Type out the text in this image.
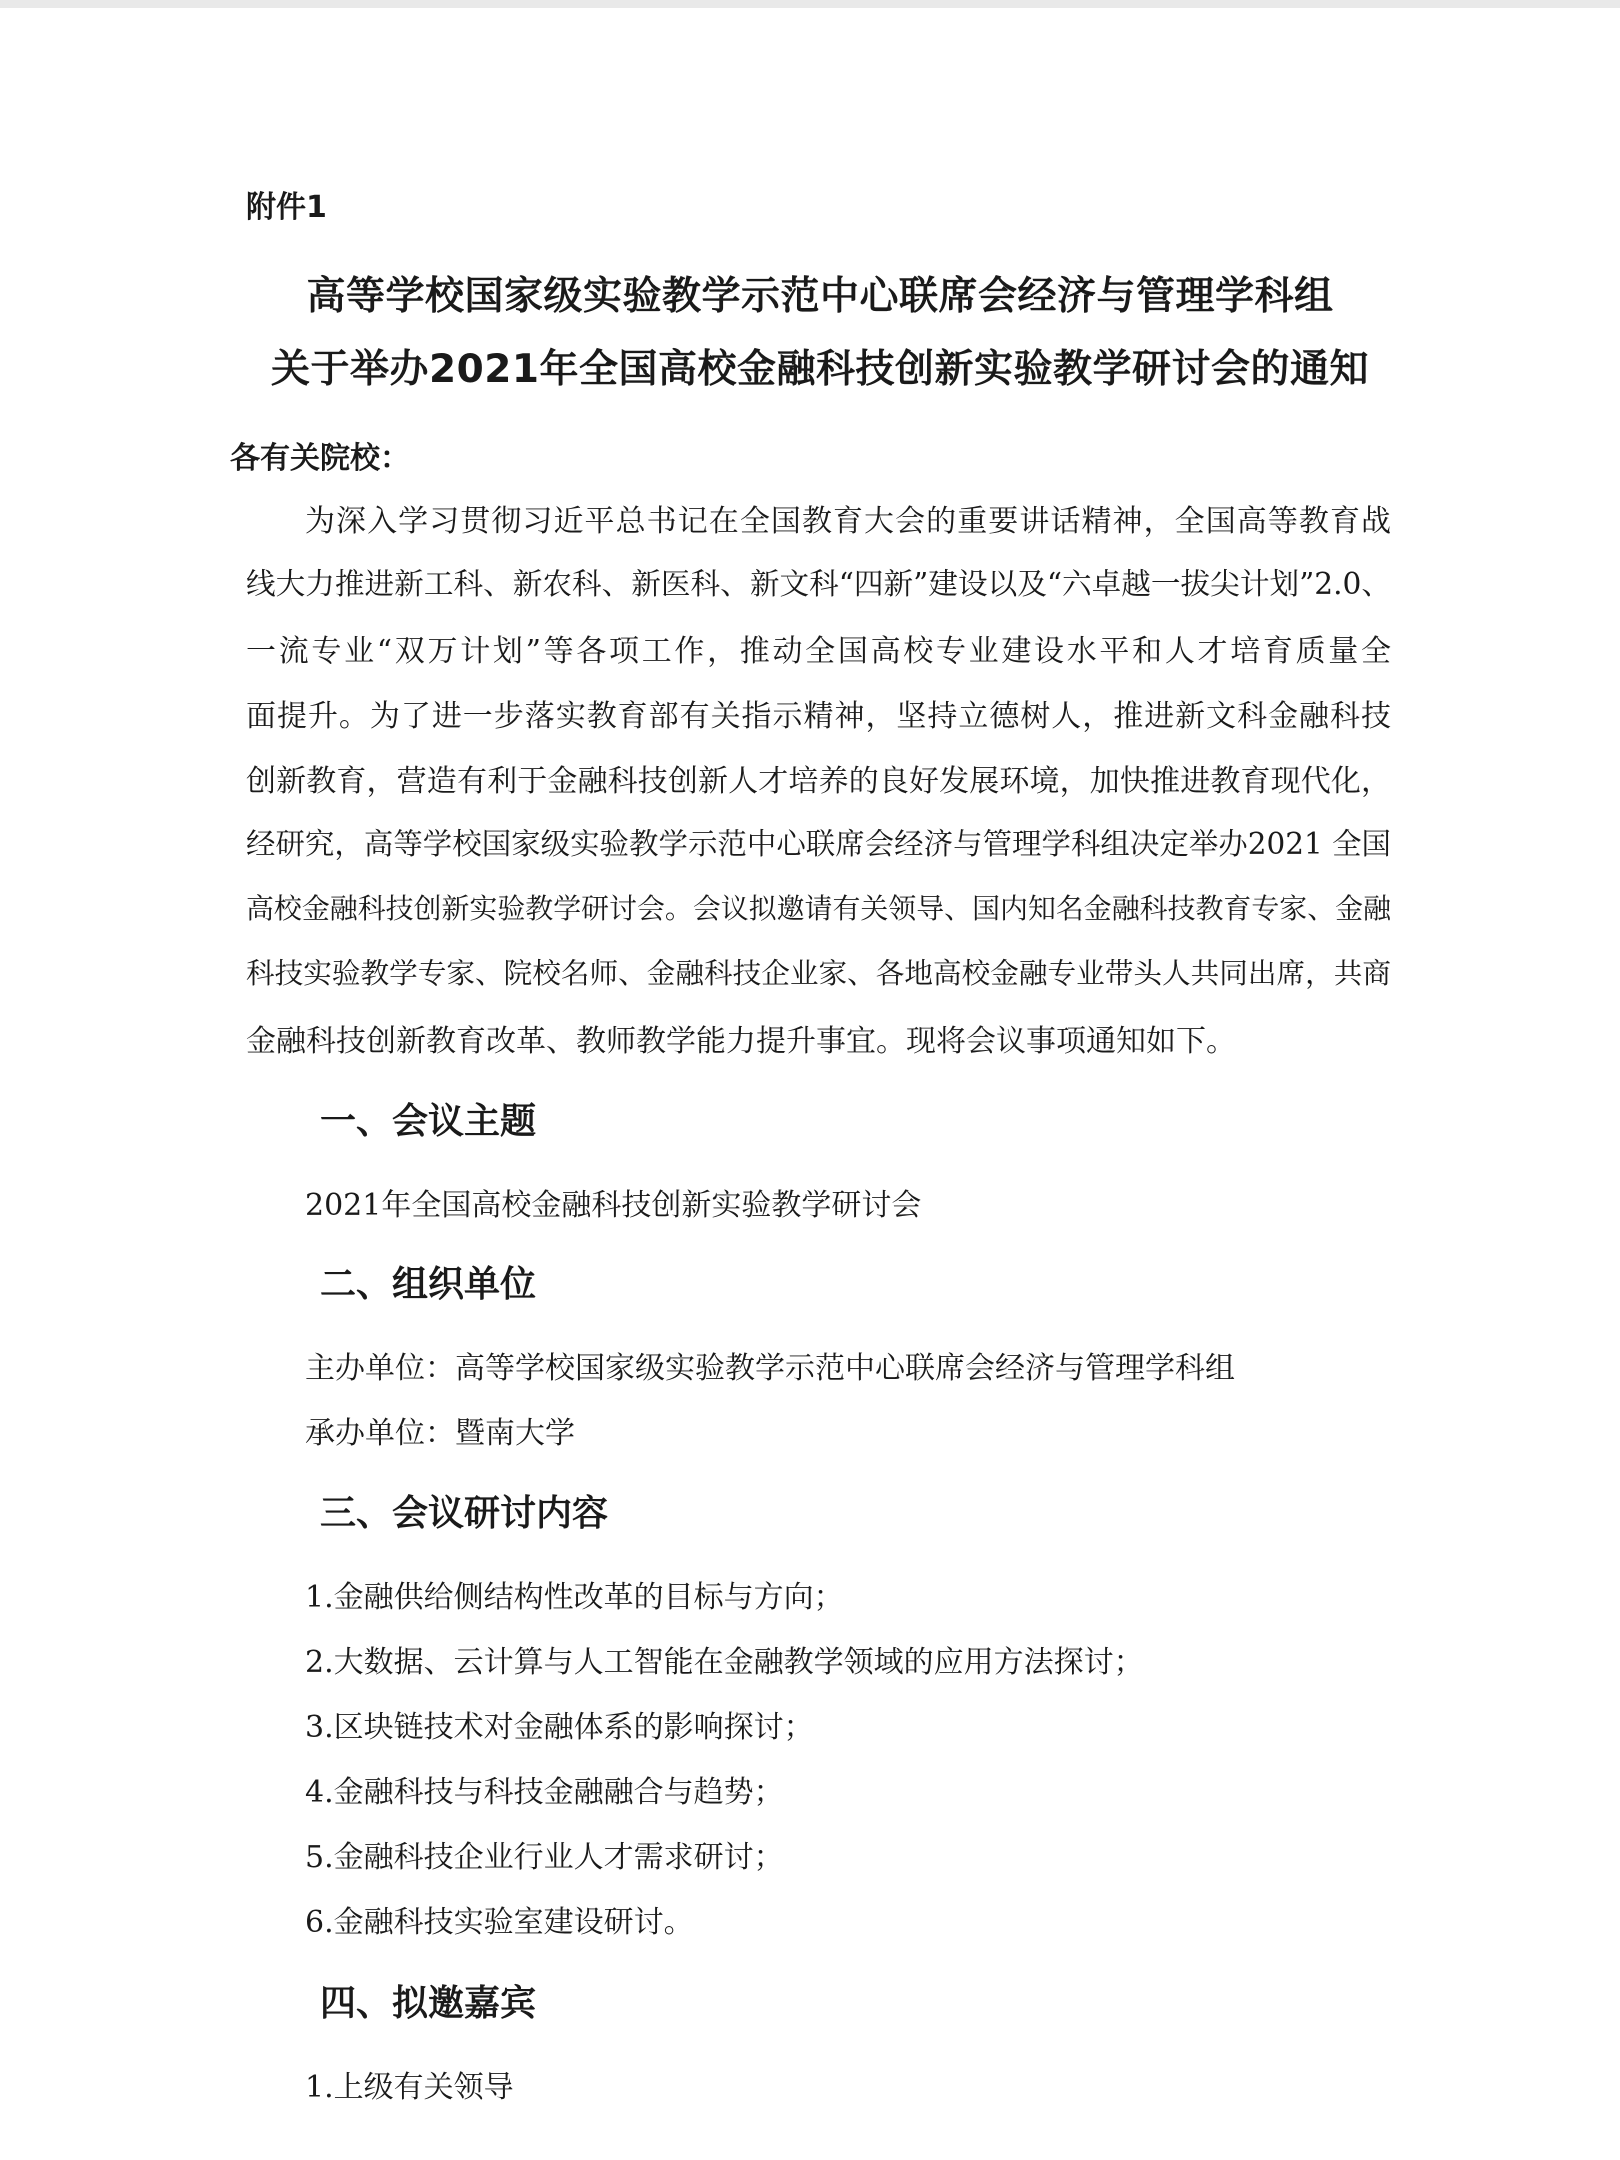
附件1
高等学校国家级实验教学示范中心联席会经济与管理学科组
关于举办2021年全国高校金融科技创新实验教学研讨会的通知
各有关院校：
为深入学习贯彻习近平总书记在全国教育大会的重要讲话精神，全国高等教育战
线大力推进新工科、新农科、新医科、新文科“四新”建设以及“六卓越一拔尖计划”2.0、
一流专业“双万计划”等各项工作，推动全国高校专业建设水平和人才培育质量全
面提升。为了进一步落实教育部有关指示精神，坚持立德树人，推进新文科金融科技
创新教育，营造有利于金融科技创新人才培养的良好发展环境，加快推进教育现代化，
经研究，高等学校国家级实验教学示范中心联席会经济与管理学科组决定举办2021 全国
高校金融科技创新实验教学研讨会。会议拟邀请有关领导、国内知名金融科技教育专家、金融
科技实验教学专家、院校名师、金融科技企业家、各地高校金融专业带头人共同出席，共商
金融科技创新教育改革、教师教学能力提升事宜。现将会议事项通知如下。
一、会议主题
2021年全国高校金融科技创新实验教学研讨会
二、组织单位
主办单位：高等学校国家级实验教学示范中心联席会经济与管理学科组
承办单位：暨南大学
三、会议研讨内容
1.金融供给侧结构性改革的目标与方向；
2.大数据、云计算与人工智能在金融教学领域的应用方法探讨；
3.区块链技术对金融体系的影响探讨；
4.金融科技与科技金融融合与趋势；
5.金融科技企业行业人才需求研讨；
6.金融科技实验室建设研讨。
四、拟邀嘉宾
1.上级有关领导
